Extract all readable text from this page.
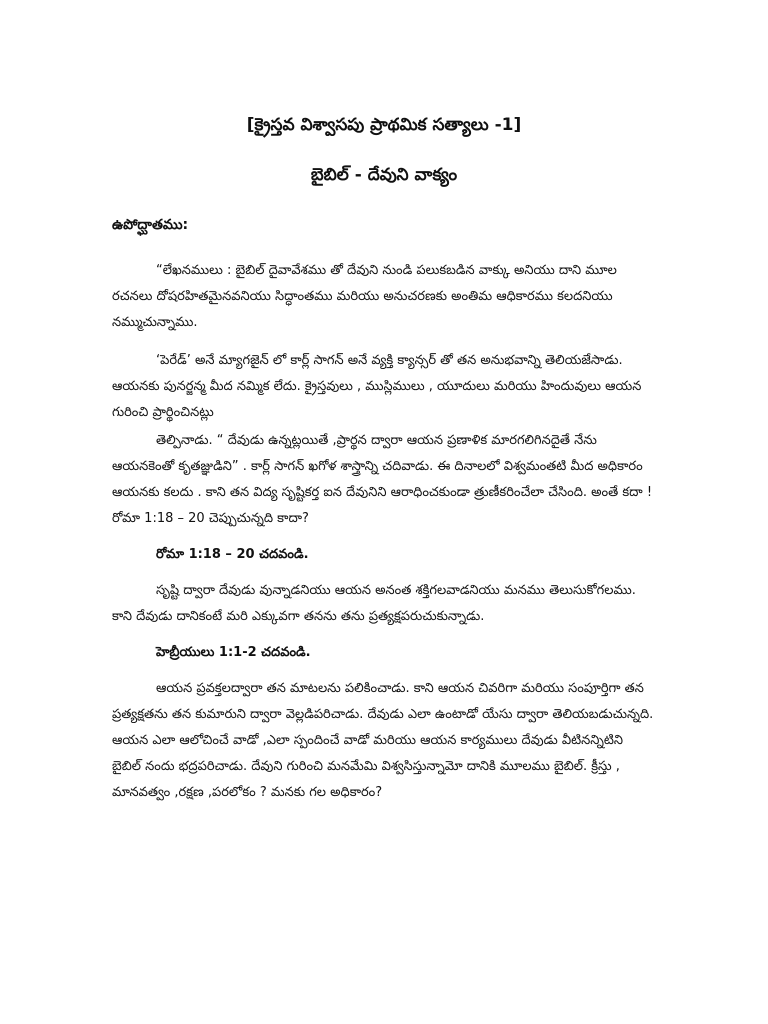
[క్రైస్తవ విశ్వాసపు ప్రాథమిక సత్యాలు -1]
బైబిల్ - దేవుని వాక్యం
ఉపోద్ఘాతము:

“లేఖనములు : బైబిల్ దైవావేశము తో దేవుని నుండి పలుకబడిన వాక్కు అనియు దాని మూల రచనలు దోషరహితమైనవనియు సిద్ధాంతము మరియు అనుచరణకు అంతిమ ఆధికారము కలదనియు నమ్ముచున్నాము.

‘పెరేడ్’ అనే మ్యాగజైన్ లో కార్ల్ సాగన్ అనే వ్యక్తి క్యాన్సర్ తో తన అనుభవాన్ని తెలియజేసాడు. ఆయనకు పునర్జన్మ మీద నమ్మిక లేదు. క్రైస్తవులు , ముస్లిములు , యూదులు మరియు హిందువులు ఆయన గురించి ప్రార్థించినట్లు

తెల్పినాడు. “ దేవుడు ఉన్నట్లయితే ,ప్రార్థన ద్వారా ఆయన ప్రణాళిక మారగలిగినదైతే నేను ఆయనకెంతో కృతజ్ఞుడిని” . కార్ల్ సాగన్ ఖగోళ శాస్త్రాన్ని చదివాడు. ఈ దినాలలో విశ్వమంతటి మీద అధికారం ఆయనకు కలదు . కాని తన విద్య సృష్టికర్త ఐన దేవునిని ఆరాధించకుండా త్రుణీకరించేలా చేసింది. అంతే కదా ! రోమా 1:18 – 20 చెప్పుచున్నది కాదా?

రోమా 1:18 – 20 చదవండి.

సృష్టి ద్వారా దేవుడు వున్నాడనియు ఆయన అనంత శక్తిగలవాడనియు మనము తెలుసుకోగలము. కాని దేవుడు దానికంటే మరి ఎక్కువగా తనను తను ప్రత్యక్షపరుచుకున్నాడు.

హెబ్రీయులు 1:1-2 చదవండి.

ఆయన ప్రవక్తలద్వారా తన మాటలను పలికించాడు. కాని ఆయన చివరిగా మరియు సంపూర్తిగా తన ప్రత్యక్షతను తన కుమారుని ద్వారా వెల్లడిపరిచాడు. దేవుడు ఎలా ఉంటాడో యేసు ద్వారా తెలియబడుచున్నది. ఆయన ఎలా ఆలోచించే వాడో ,ఎలా స్పందించే వాడో మరియు ఆయన కార్యములు దేవుడు వీటినన్నిటిని బైబిల్ నందు భద్రపరిచాడు. దేవుని గురించి మనమేమి విశ్వసిస్తున్నామో దానికి మూలము బైబిల్. క్రీస్తు , మానవత్వం ,రక్షణ ,పరలోకం ? మనకు గల అధికారం?
